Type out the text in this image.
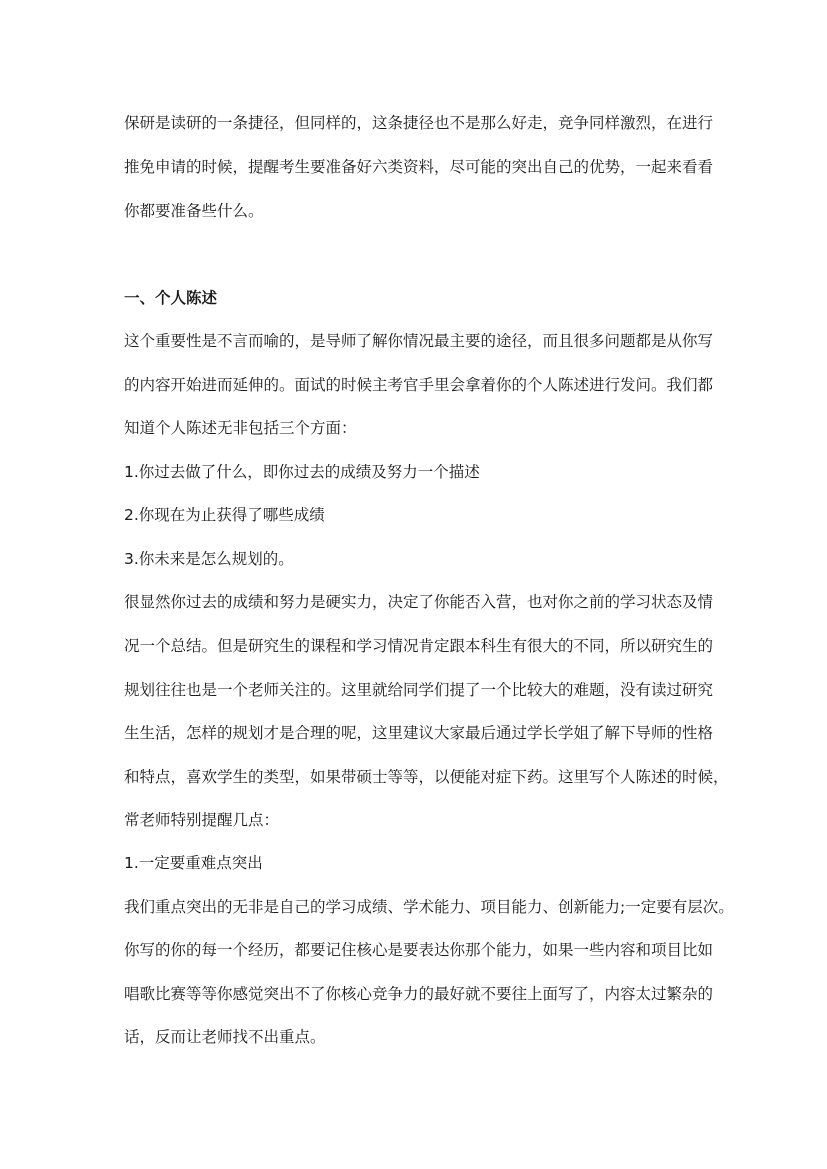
保研是读研的一条捷径，但同样的，这条捷径也不是那么好走，竞争同样激烈，在进行
推免申请的时候，提醒考生要准备好六类资料，尽可能的突出自己的优势，一起来看看
你都要准备些什么。
一、个人陈述
这个重要性是不言而喻的，是导师了解你情况最主要的途径，而且很多问题都是从你写
的内容开始进而延伸的。面试的时候主考官手里会拿着你的个人陈述进行发问。我们都
知道个人陈述无非包括三个方面：
1.你过去做了什么，即你过去的成绩及努力一个描述
2.你现在为止获得了哪些成绩
3.你未来是怎么规划的。
很显然你过去的成绩和努力是硬实力，决定了你能否入营，也对你之前的学习状态及情
况一个总结。但是研究生的课程和学习情况肯定跟本科生有很大的不同，所以研究生的
规划往往也是一个老师关注的。这里就给同学们提了一个比较大的难题，没有读过研究
生生活，怎样的规划才是合理的呢，这里建议大家最后通过学长学姐了解下导师的性格
和特点，喜欢学生的类型，如果带硕士等等，以便能对症下药。这里写个人陈述的时候，
常老师特别提醒几点：
1.一定要重难点突出
我们重点突出的无非是自己的学习成绩、学术能力、项目能力、创新能力;一定要有层次。
你写的你的每一个经历，都要记住核心是要表达你那个能力，如果一些内容和项目比如
唱歌比赛等等你感觉突出不了你核心竞争力的最好就不要往上面写了，内容太过繁杂的
话，反而让老师找不出重点。
